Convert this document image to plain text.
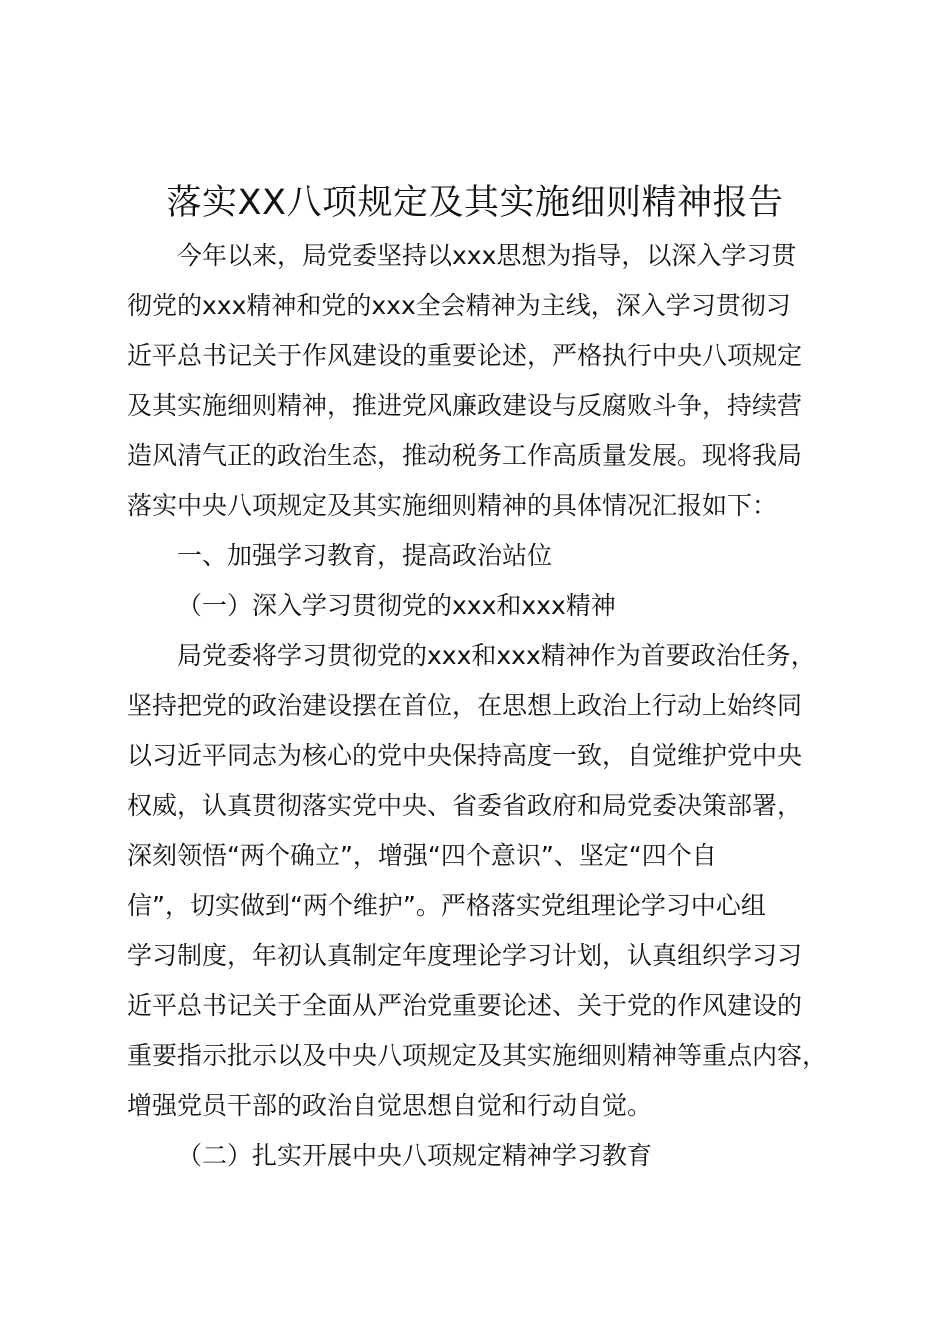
落实XX八项规定及其实施细则精神报告
今年以来，局党委坚持以xxx思想为指导，以深入学习贯
彻党的xxx精神和党的xxx全会精神为主线，深入学习贯彻习
近平总书记关于作风建设的重要论述，严格执行中央八项规定
及其实施细则精神，推进党风廉政建设与反腐败斗争，持续营
造风清气正的政治生态，推动税务工作高质量发展。现将我局
落实中央八项规定及其实施细则精神的具体情况汇报如下：
一、加强学习教育，提高政治站位
（一）深入学习贯彻党的xxx和xxx精神
局党委将学习贯彻党的xxx和xxx精神作为首要政治任务，
坚持把党的政治建设摆在首位，在思想上政治上行动上始终同
以习近平同志为核心的党中央保持高度一致，自觉维护党中央
权威，认真贯彻落实党中央、省委省政府和局党委决策部署，
深刻领悟“两个确立”，增强“四个意识”、坚定“四个自
信”，切实做到“两个维护”。严格落实党组理论学习中心组
学习制度，年初认真制定年度理论学习计划，认真组织学习习
近平总书记关于全面从严治党重要论述、关于党的作风建设的
重要指示批示以及中央八项规定及其实施细则精神等重点内容，
增强党员干部的政治自觉思想自觉和行动自觉。
（二）扎实开展中央八项规定精神学习教育
